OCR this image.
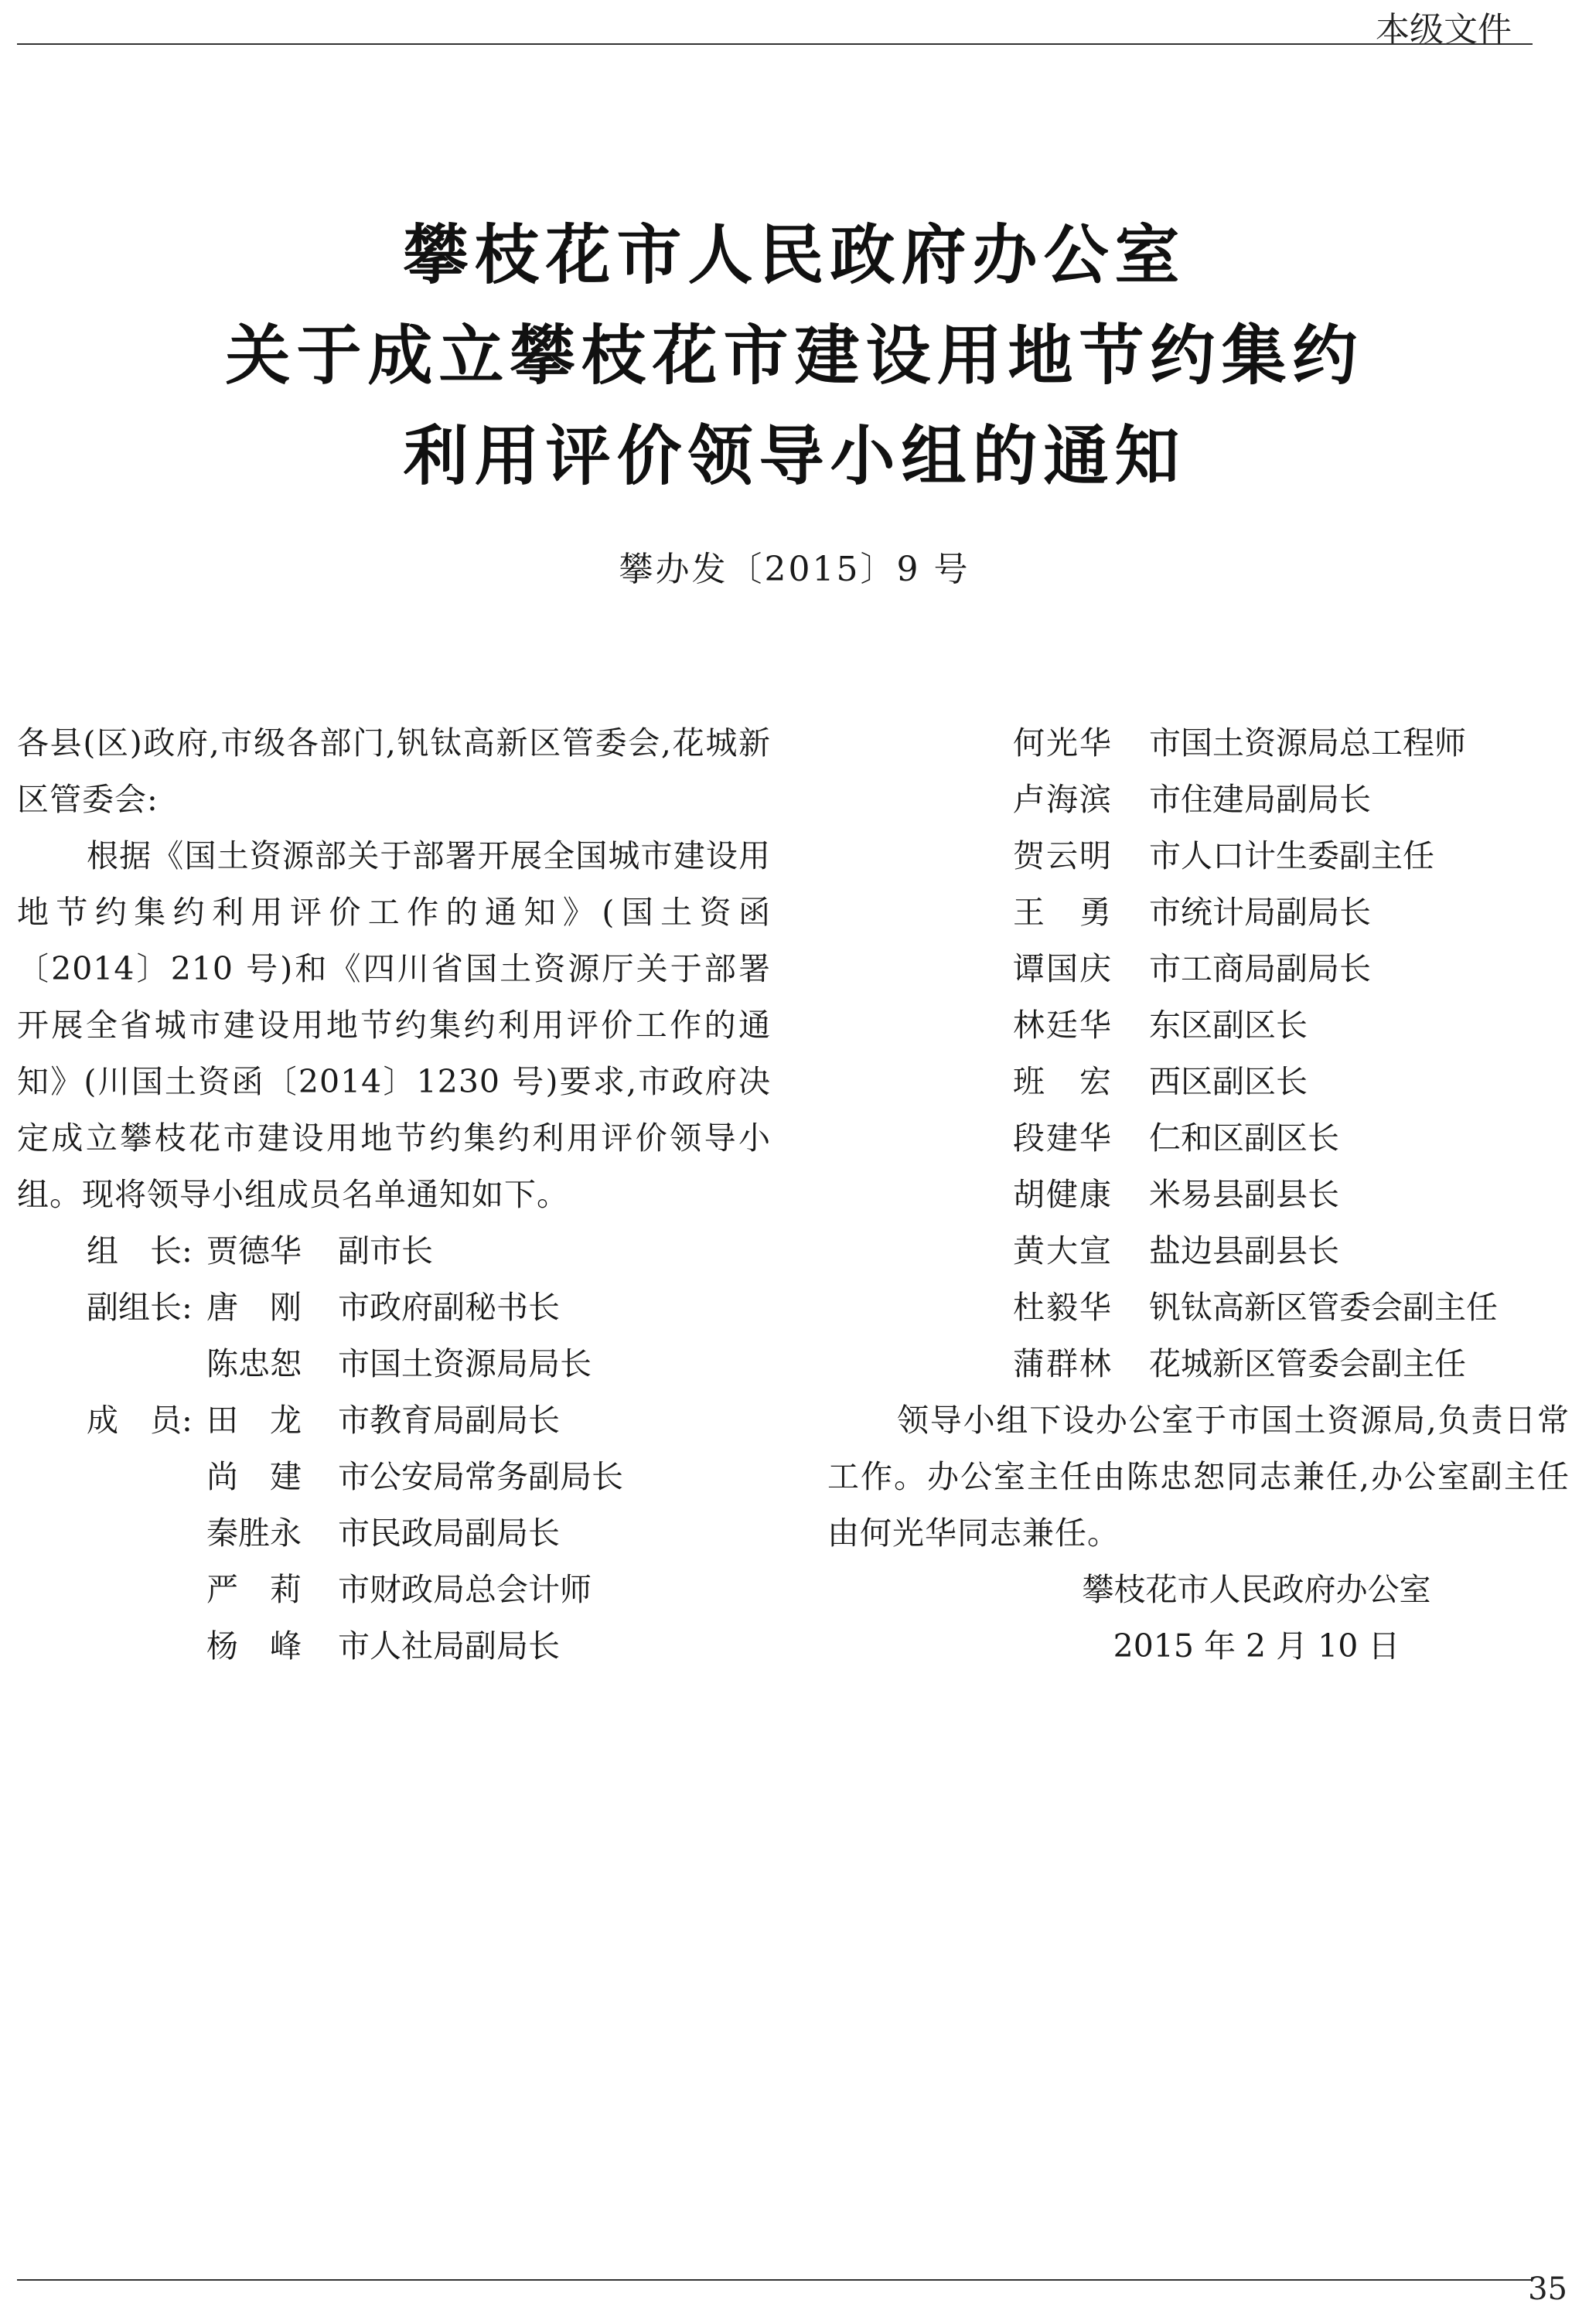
本级文件
攀枝花市人民政府办公室
关于成立攀枝花市建设用地节约集约
利用评价领导小组的通知
攀办发〔2015〕9 号

各县(区)政府,市级各部门,钒钛高新区管委会,花城新区管委会:

根据《国土资源部关于部署开展全国城市建设用地节约集约利用评价工作的通知》(国土资函〔2014〕210 号)和《四川省国土资源厅关于部署开展全省城市建设用地节约集约利用评价工作的通知》(川国土资函〔2014〕1230 号)要求,市政府决定成立攀枝花市建设用地节约集约利用评价领导小组。现将领导小组成员名单通知如下。

组　长: 贾德华 副市长
副组长: 唐　刚 市政府副秘书长
陈忠恕 市国土资源局局长
成　员: 田　龙 市教育局副局长
尚　建 市公安局常务副局长
秦胜永 市民政局副局长
严　莉 市财政局总会计师
杨　峰 市人社局副局长
何光华 市国土资源局总工程师
卢海滨 市住建局副局长
贺云明 市人口计生委副主任
王　勇 市统计局副局长
谭国庆 市工商局副局长
林廷华 东区副区长
班　宏 西区副区长
段建华 仁和区副区长
胡健康 米易县副县长
黄大宣 盐边县副县长
杜毅华 钒钛高新区管委会副主任
蒲群林 花城新区管委会副主任

领导小组下设办公室于市国土资源局,负责日常工作。办公室主任由陈忠恕同志兼任,办公室副主任由何光华同志兼任。

攀枝花市人民政府办公室
2015 年 2 月 10 日
35
